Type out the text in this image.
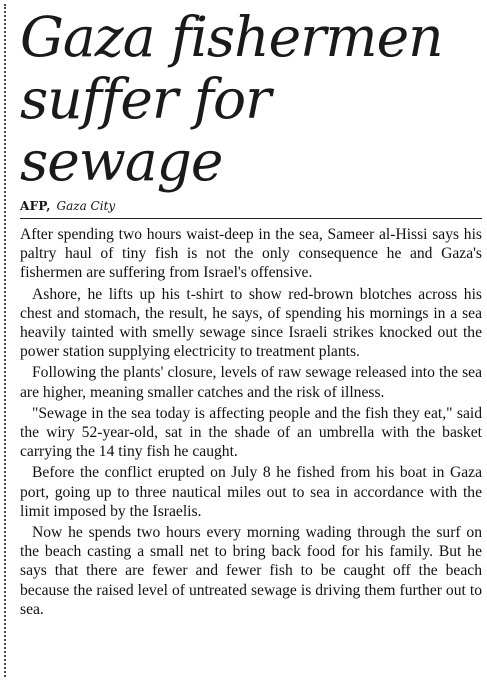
Gaza fishermen
suffer for sewage
AFP, Gaza City

After spending two hours waist-deep in the sea, Sameer al-Hissi says his paltry haul of tiny fish is not the only consequence he and Gaza's fishermen are suffering from Israel's offensive.

Ashore, he lifts up his t-shirt to show red-brown blotches across his chest and stomach, the result, he says, of spending his mornings in a sea heavily tainted with smelly sewage since Israeli strikes knocked out the power station supplying electricity to treatment plants.

Following the plants' closure, levels of raw sewage released into the sea are higher, meaning smaller catches and the risk of illness.

"Sewage in the sea today is affecting people and the fish they eat," said the wiry 52-year-old, sat in the shade of an umbrella with the basket carrying the 14 tiny fish he caught.

Before the conflict erupted on July 8 he fished from his boat in Gaza port, going up to three nautical miles out to sea in accordance with the limit imposed by the Israelis.

Now he spends two hours every morning wading through the surf on the beach casting a small net to bring back food for his family. But he says that there are fewer and fewer fish to be caught off the beach because the raised level of untreated sewage is driving them further out to sea.
